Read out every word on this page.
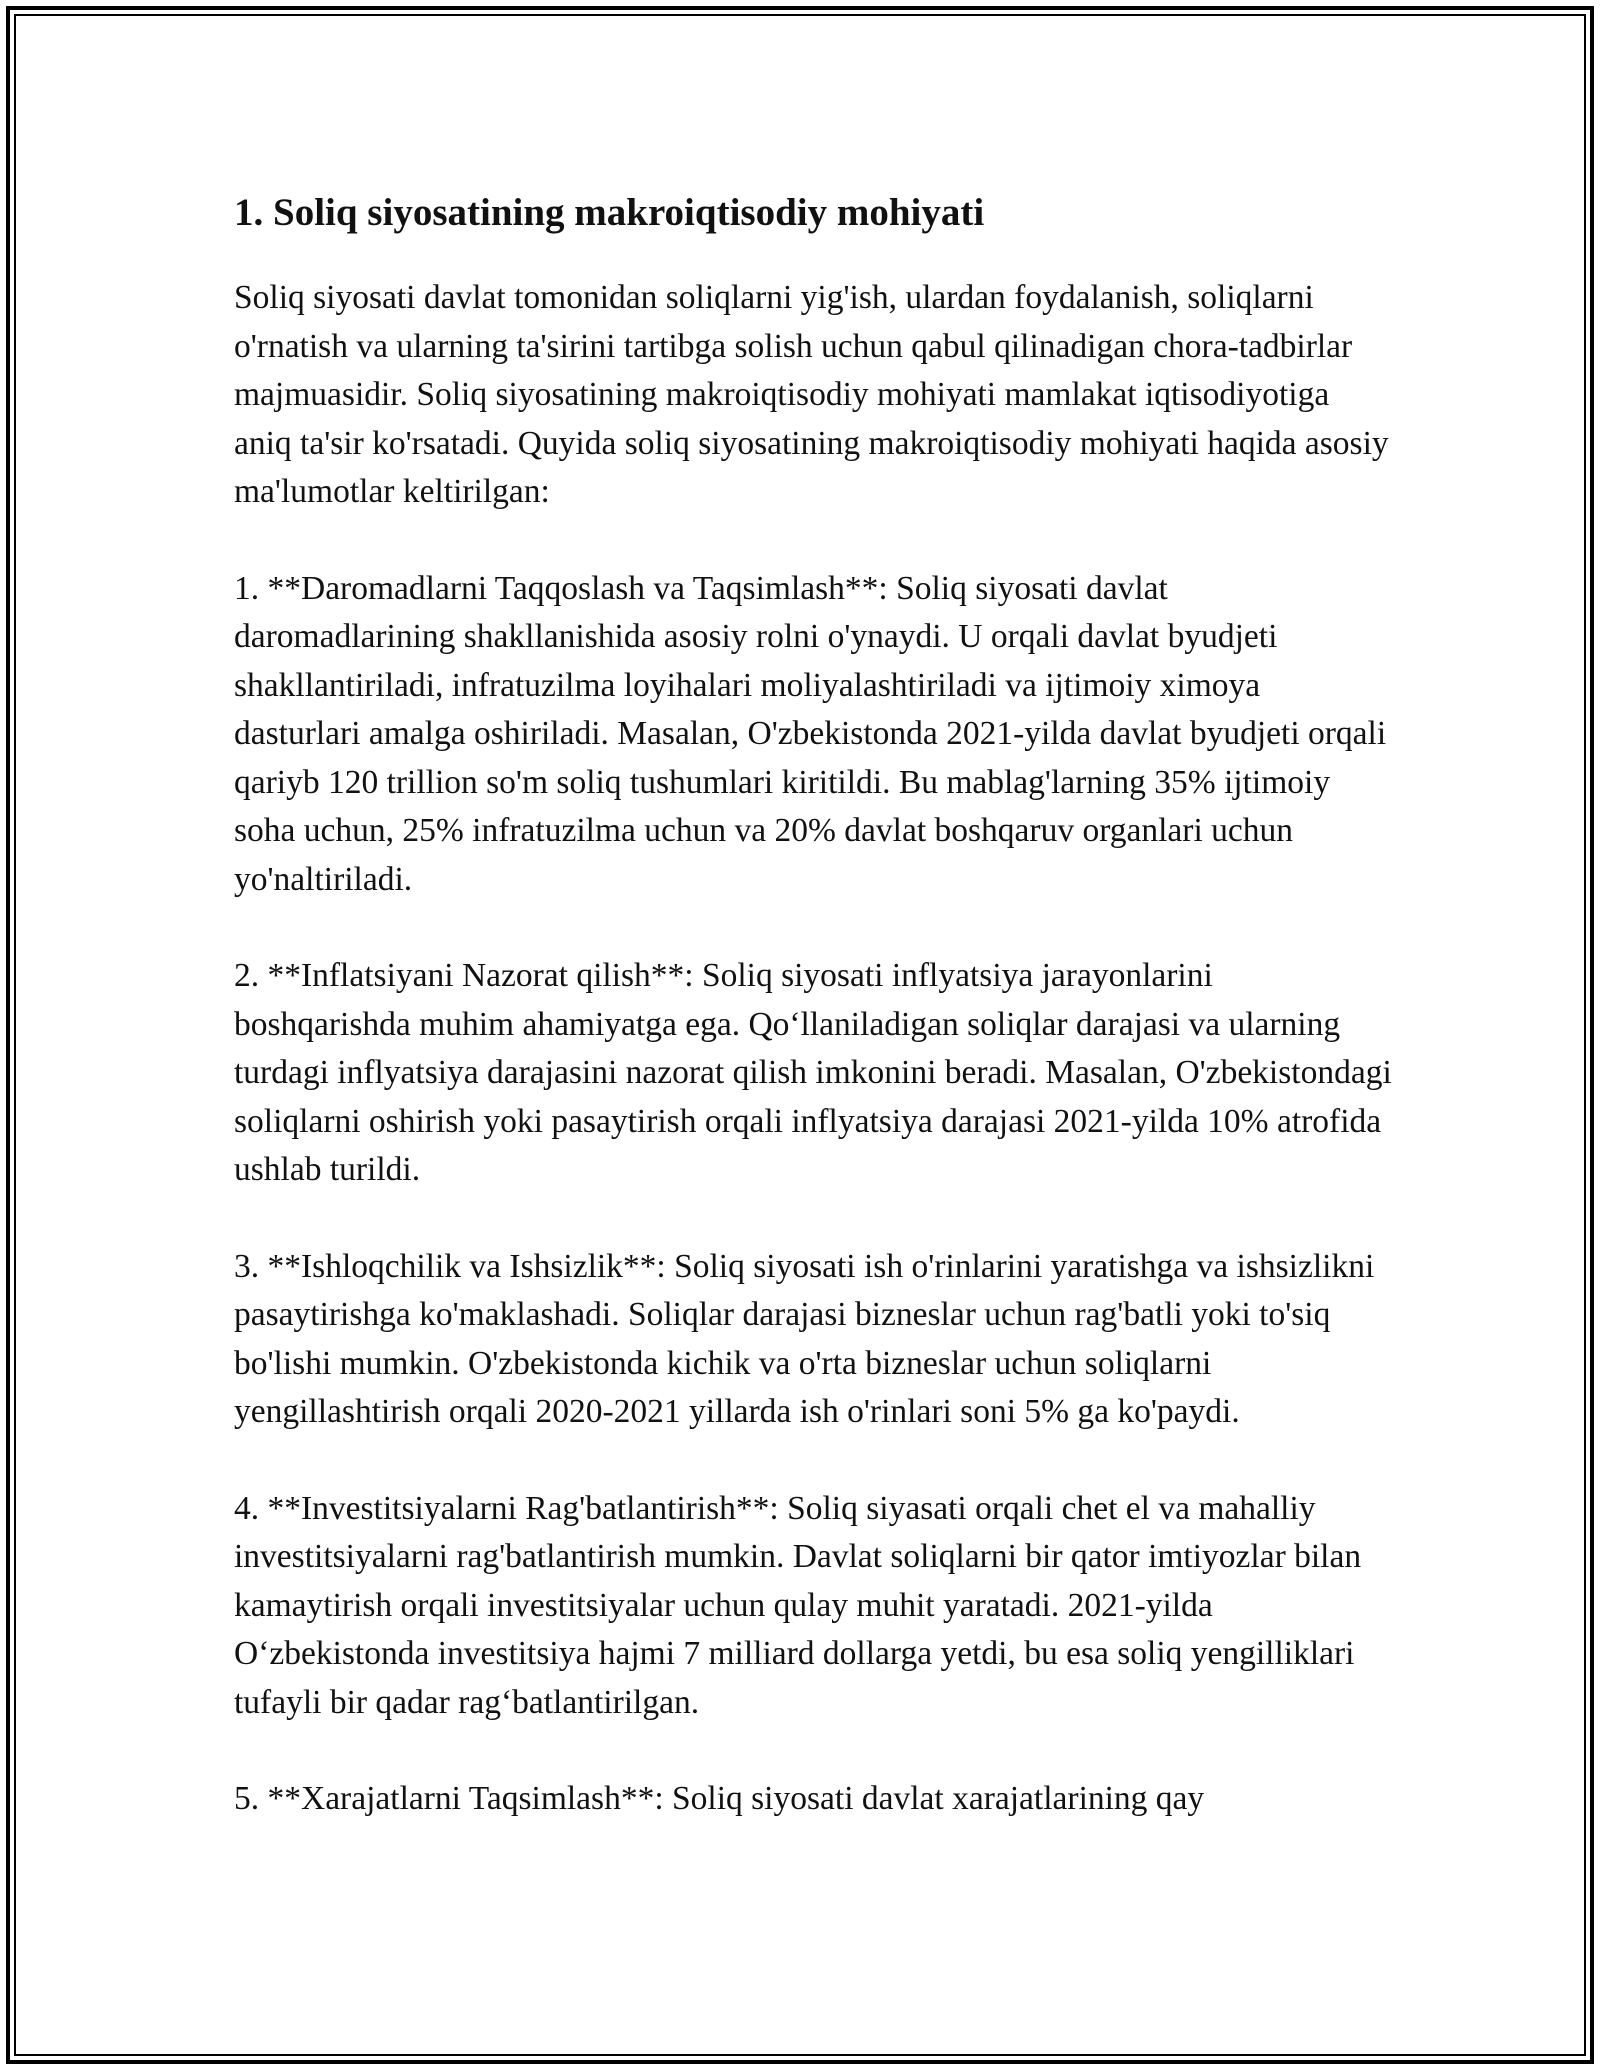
1. Soliq siyosatining makroiqtisodiy mohiyati

Soliq siyosati davlat tomonidan soliqlarni yig'ish, ulardan foydalanish, soliqlarni o'rnatish va ularning ta'sirini tartibga solish uchun qabul qilinadigan chora-tadbirlar majmuasidir. Soliq siyosatining makroiqtisodiy mohiyati mamlakat iqtisodiyotiga aniq ta'sir ko'rsatadi. Quyida soliq siyosatining makroiqtisodiy mohiyati haqida asosiy ma'lumotlar keltirilgan:

1. **Daromadlarni Taqqoslash va Taqsimlash**: Soliq siyosati davlat daromadlarining shakllanishida asosiy rolni o'ynaydi. U orqali davlat byudjeti shakllantiriladi, infratuzilma loyihalari moliyalashtiriladi va ijtimoiy ximoya dasturlari amalga oshiriladi. Masalan, O'zbekistonda 2021-yilda davlat byudjeti orqali qariyb 120 trillion so'm soliq tushumlari kiritildi. Bu mablag'larning 35% ijtimoiy soha uchun, 25% infratuzilma uchun va 20% davlat boshqaruv organlari uchun yo'naltiriladi.

2. **Inflatsiyani Nazorat qilish**: Soliq siyosati inflyatsiya jarayonlarini boshqarishda muhim ahamiyatga ega. Qo‘llaniladigan soliqlar darajasi va ularning turdagi inflyatsiya darajasini nazorat qilish imkonini beradi. Masalan, O'zbekistondagi soliqlarni oshirish yoki pasaytirish orqali inflyatsiya darajasi 2021-yilda 10% atrofida ushlab turildi.

3. **Ishloqchilik va Ishsizlik**: Soliq siyosati ish o'rinlarini yaratishga va ishsizlikni pasaytirishga ko'maklashadi. Soliqlar darajasi bizneslar uchun rag'batli yoki to'siq bo'lishi mumkin. O'zbekistonda kichik va o'rta bizneslar uchun soliqlarni yengillashtirish orqali 2020-2021 yillarda ish o'rinlari soni 5% ga ko'paydi.

4. **Investitsiyalarni Rag'batlantirish**: Soliq siyasati orqali chet el va mahalliy investitsiyalarni rag'batlantirish mumkin. Davlat soliqlarni bir qator imtiyozlar bilan kamaytirish orqali investitsiyalar uchun qulay muhit yaratadi. 2021-yilda O‘zbekistonda investitsiya hajmi 7 milliard dollarga yetdi, bu esa soliq yengilliklari tufayli bir qadar rag‘batlantirilgan.

5. **Xarajatlarni Taqsimlash**: Soliq siyosati davlat xarajatlarining qay
